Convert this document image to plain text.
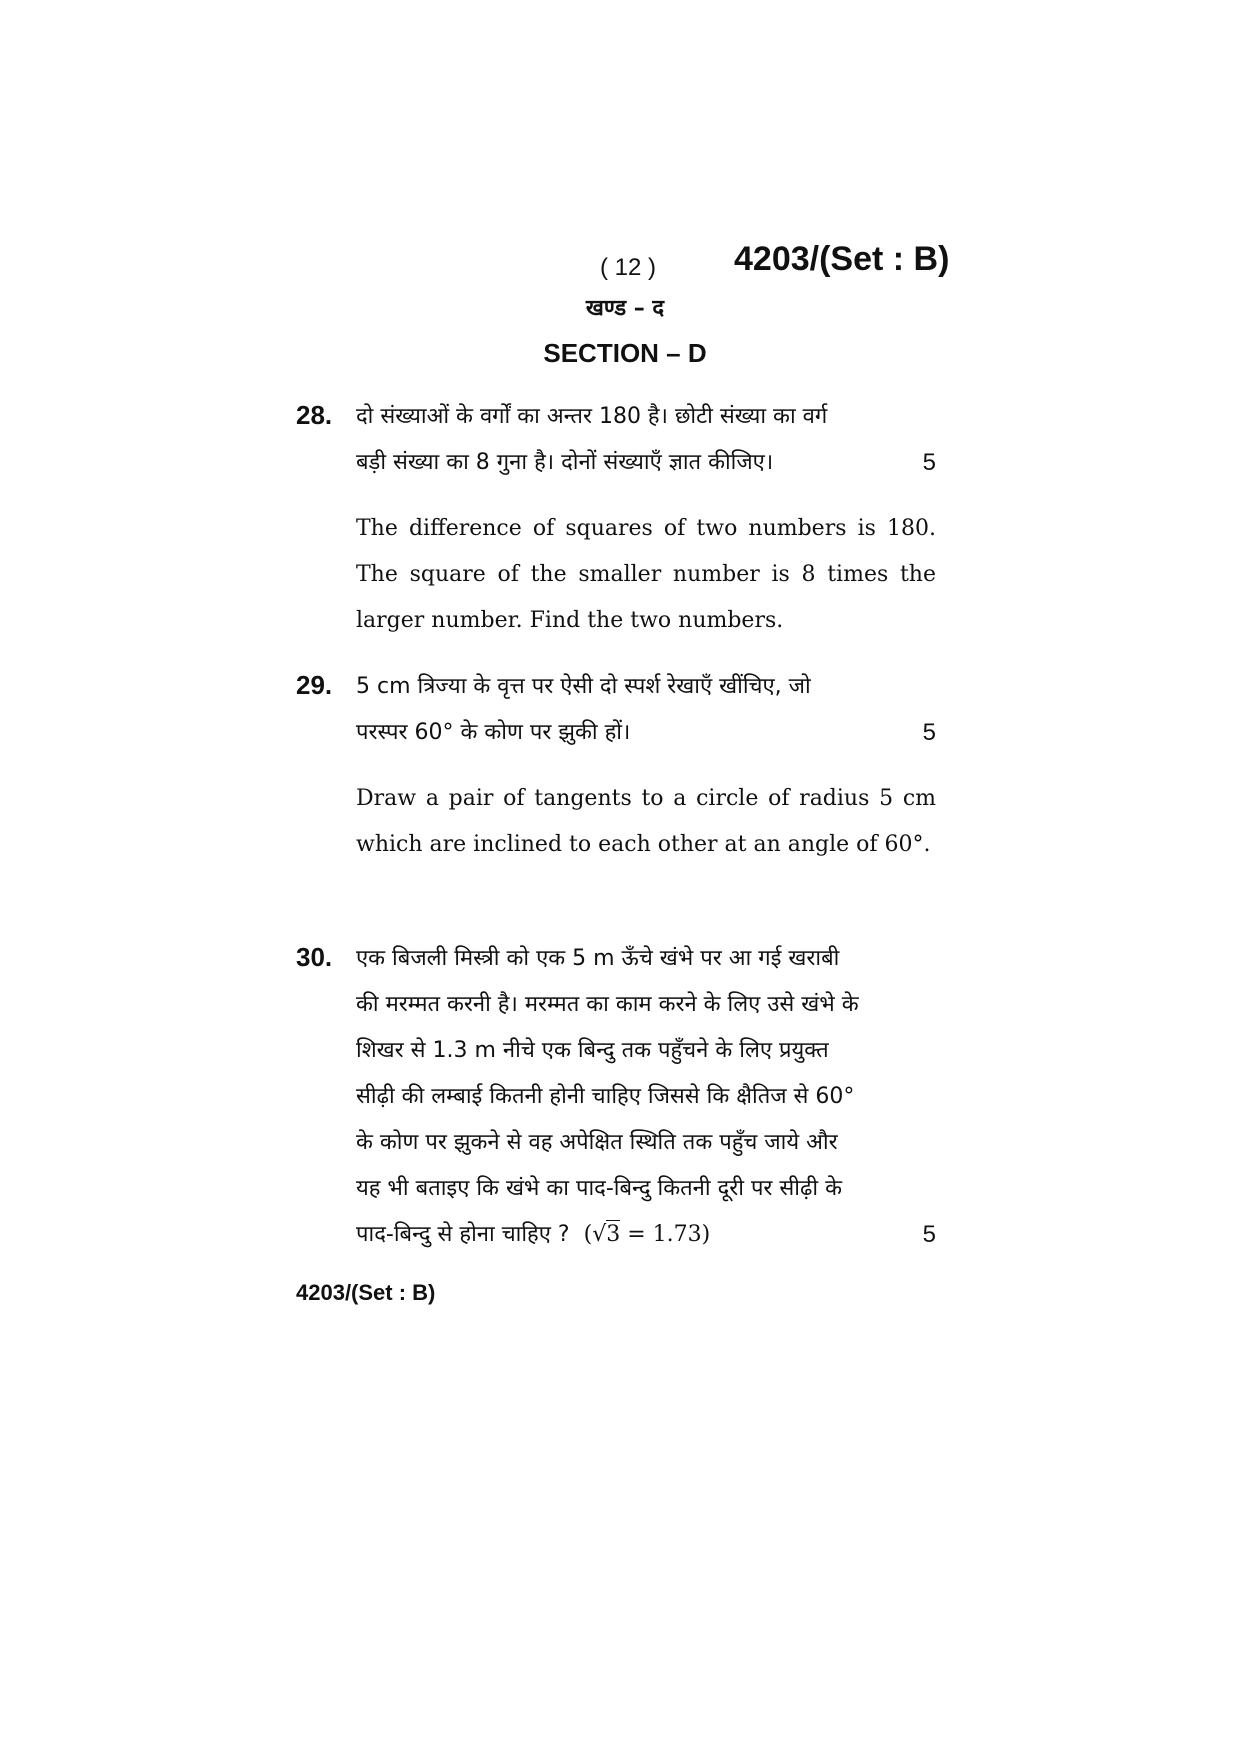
( 12 ) 4203/(Set : B)
खण्ड – द
SECTION – D
28. दो संख्याओं के वर्गों का अन्तर 180 है। छोटी संख्या का वर्ग
बड़ी संख्या का 8 गुना है। दोनों संख्याएँ ज्ञात कीजिए।	5
The difference of squares of two numbers is 180. The square of the smaller number is 8 times the larger number. Find the two numbers.
29. 5 cm त्रिज्या के वृत्त पर ऐसी दो स्पर्श रेखाएँ खींचिए, जो
परस्पर 60° के कोण पर झुकी हों।	5
Draw a pair of tangents to a circle of radius 5 cm which are inclined to each other at an angle of 60°.
30. एक बिजली मिस्त्री को एक 5 m ऊँचे खंभे पर आ गई खराबी
की मरम्मत करनी है। मरम्मत का काम करने के लिए उसे खंभे के
शिखर से 1.3 m नीचे एक बिन्दु तक पहुँचने के लिए प्रयुक्त
सीढ़ी की लम्बाई कितनी होनी चाहिए जिससे कि क्षैतिज से 60°
के कोण पर झुकने से वह अपेक्षित स्थिति तक पहुँच जाये और
यह भी बताइए कि खंभे का पाद-बिन्दु कितनी दूरी पर सीढ़ी के
पाद-बिन्दु से होना चाहिए ? (√3 = 1.73)	5
4203/(Set : B)
